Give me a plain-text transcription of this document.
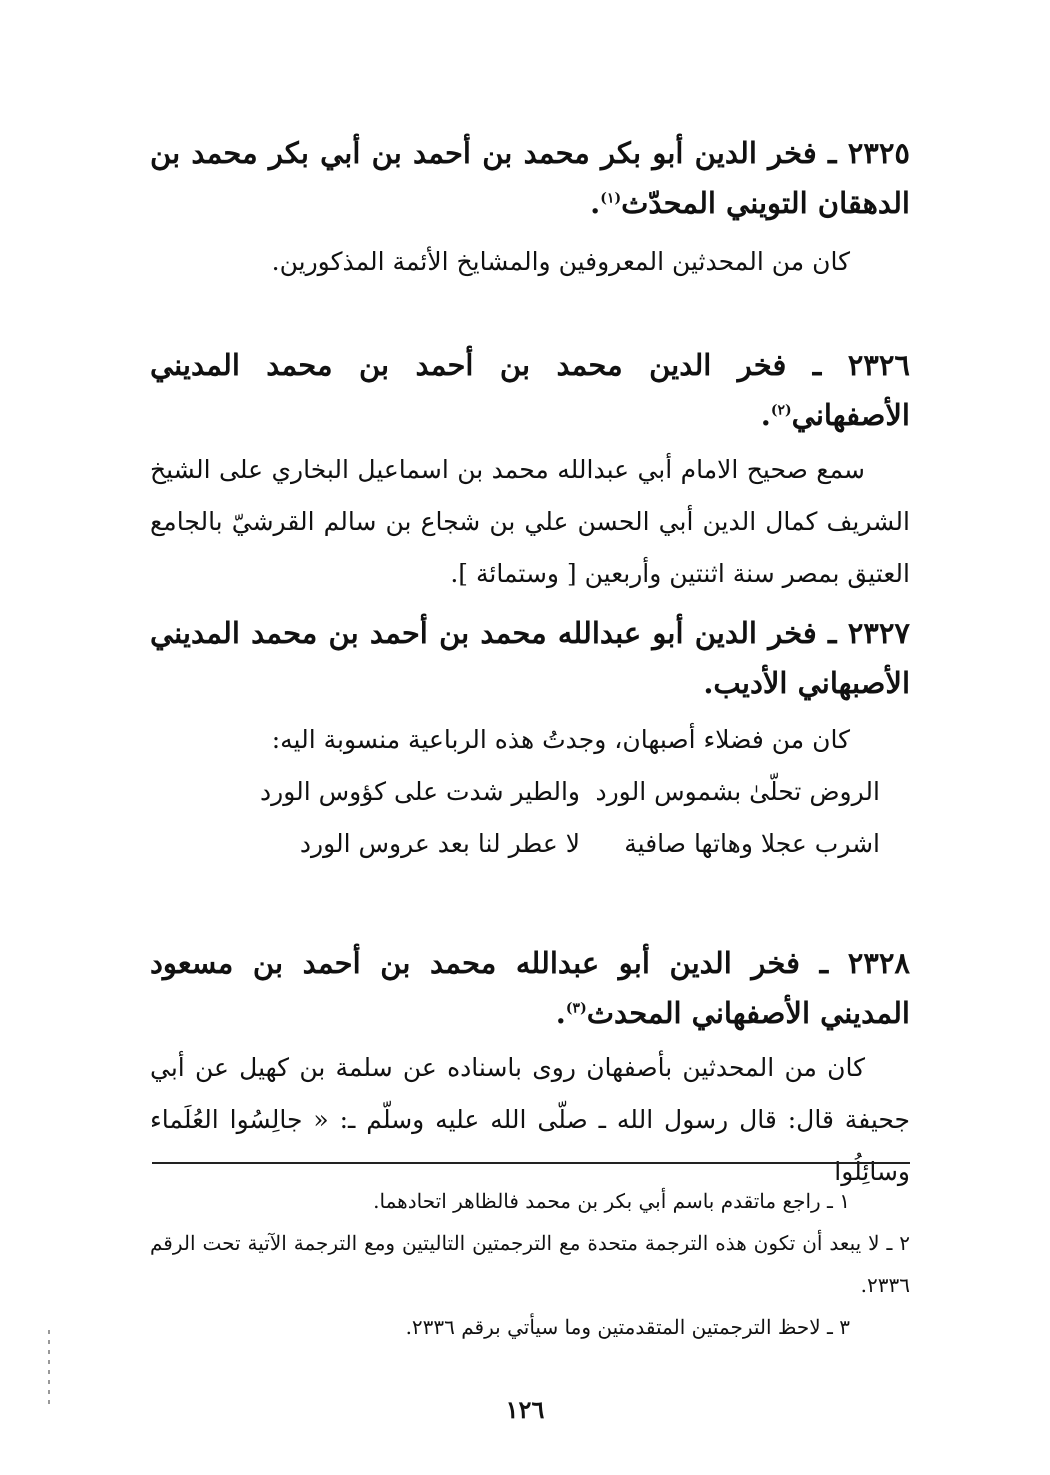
٢٣٢٥ ـ فخر الدين أبو بكر محمد بن أحمد بن أبي بكر محمد بن الدهقان التويني المحدّث$^{(١)}$.
كان من المحدثين المعروفين والمشايخ الأئمة المذكورين.
٢٣٢٦ ـ فخر الدين محمد بن أحمد بن محمد المديني الأصفهاني$^{(٢)}$.
سمع صحيح الامام أبي عبدالله محمد بن اسماعيل البخاري على الشيخ الشريف كمال الدين أبي الحسن علي بن شجاع بن سالم القرشيّ بالجامع العتيق بمصر سنة اثنتين وأربعين [ وستمائة ].
٢٣٢٧ ـ فخر الدين أبو عبدالله محمد بن أحمد بن محمد المديني الأصبهاني الأديب.
كان من فضلاء أصبهان، وجدتُ هذه الرباعية منسوبة اليه:
الروض تحلّىٰ بشموس الورد
والطير شدت على كؤوس الورد
اشرب عجلا وهاتها صافية
لا عطر لنا بعد عروس الورد
٢٣٢٨ ـ فخر الدين أبو عبدالله محمد بن أحمد بن مسعود المديني الأصفهاني المحدث$^{(٣)}$.
كان من المحدثين بأصفهان روى باسناده عن سلمة بن كهيل عن أبي جحيفة قال: قال رسول الله ـ صلّى الله عليه وسلّم ـ: « جالِسُوا العُلَماء وسائِلُوا
١ ـ راجع ماتقدم باسم أبي بكر بن محمد فالظاهر اتحادهما.
٢ ـ لا يبعد أن تكون هذه الترجمة متحدة مع الترجمتين التاليتين ومع الترجمة الآتية تحت الرقم ٢٣٣٦.
٣ ـ لاحظ الترجمتين المتقدمتين وما سيأتي برقم ٢٣٣٦.
١٢٦
